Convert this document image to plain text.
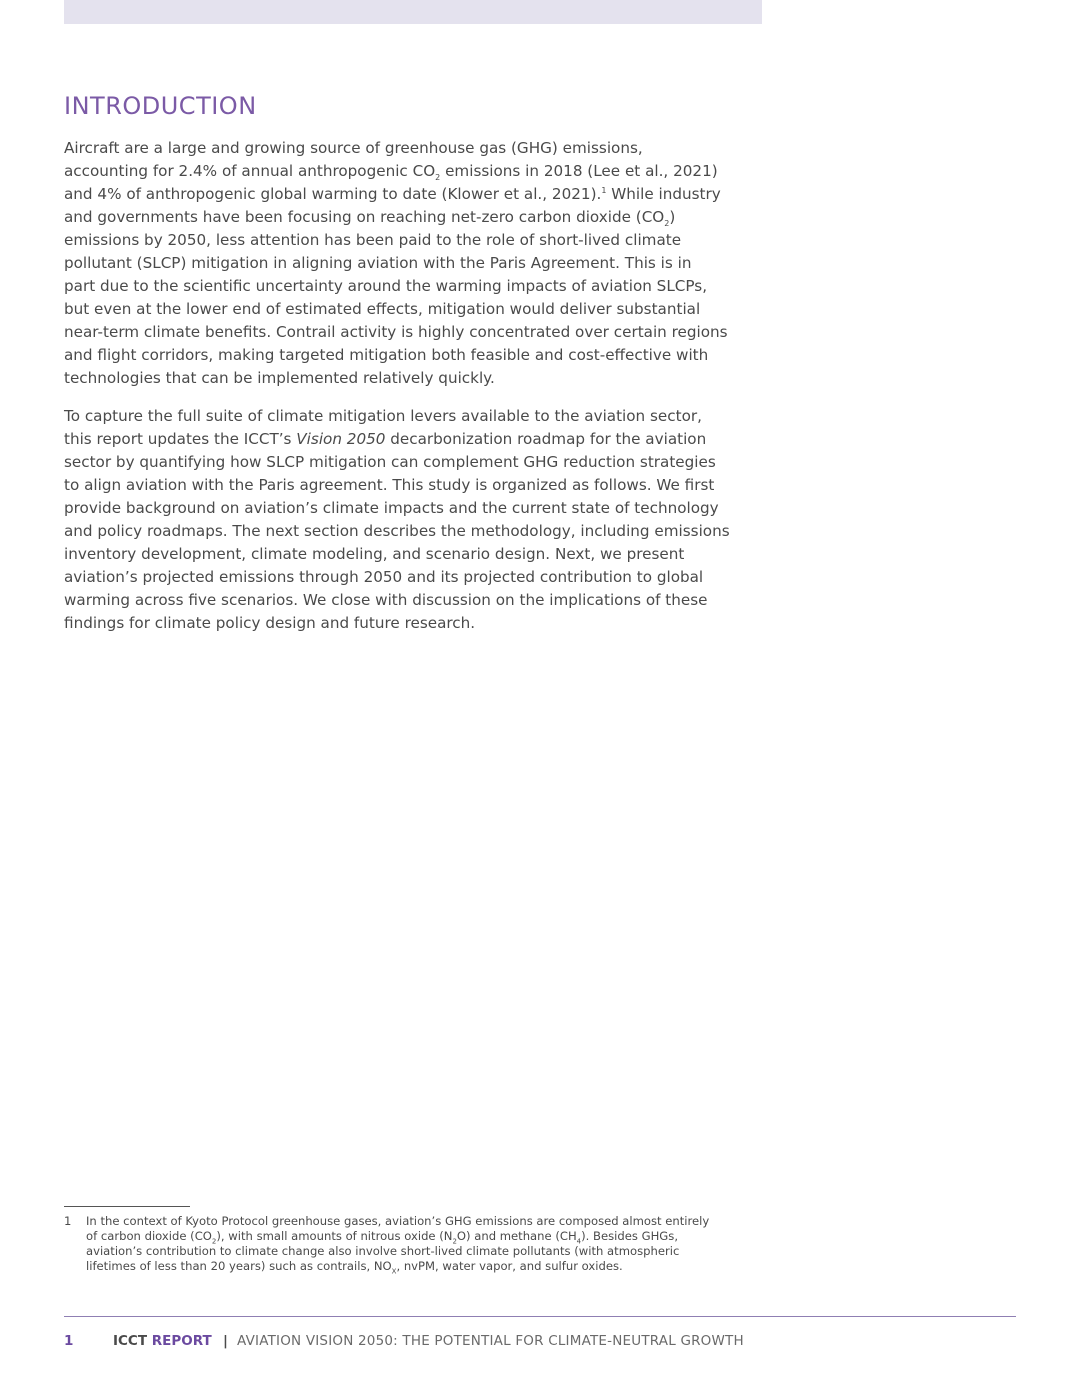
INTRODUCTION

Aircraft are a large and growing source of greenhouse gas (GHG) emissions,
accounting for 2.4% of annual anthropogenic $CO_2$ emissions in 2018 (Lee et al., 2021)
and 4% of anthropogenic global warming to date (Klower et al., 2021).$^1$ While industry
and governments have been focusing on reaching net-zero carbon dioxide $(CO_2)$
emissions by 2050, less attention has been paid to the role of short-lived climate
pollutant (SLCP) mitigation in aligning aviation with the Paris Agreement. This is in
part due to the scientific uncertainty around the warming impacts of aviation SLCPs,
but even at the lower end of estimated effects, mitigation would deliver substantial
near-term climate benefits. Contrail activity is highly concentrated over certain regions
and flight corridors, making targeted mitigation both feasible and cost-effective with
technologies that can be implemented relatively quickly.

To capture the full suite of climate mitigation levers available to the aviation sector,
this report updates the ICCT’s Vision 2050 decarbonization roadmap for the aviation
sector by quantifying how SLCP mitigation can complement GHG reduction strategies
to align aviation with the Paris agreement. This study is organized as follows. We first
provide background on aviation’s climate impacts and the current state of technology
and policy roadmaps. The next section describes the methodology, including emissions
inventory development, climate modeling, and scenario design. Next, we present
aviation’s projected emissions through 2050 and its projected contribution to global
warming across five scenarios. We close with discussion on the implications of these
findings for climate policy design and future research.

1 In the context of Kyoto Protocol greenhouse gases, aviation’s GHG emissions are composed almost entirely
of carbon dioxide $(CO_2)$, with small amounts of nitrous oxide $(N_2O)$ and methane $(CH_4)$. Besides GHGs,
aviation’s contribution to climate change also involve short-lived climate pollutants (with atmospheric
lifetimes of less than 20 years) such as contrails, $NO_X$, nvPM, water vapor, and sulfur oxides.
1	ICCT REPORT | AVIATION VISION 2050: THE POTENTIAL FOR CLIMATE-NEUTRAL GROWTH
